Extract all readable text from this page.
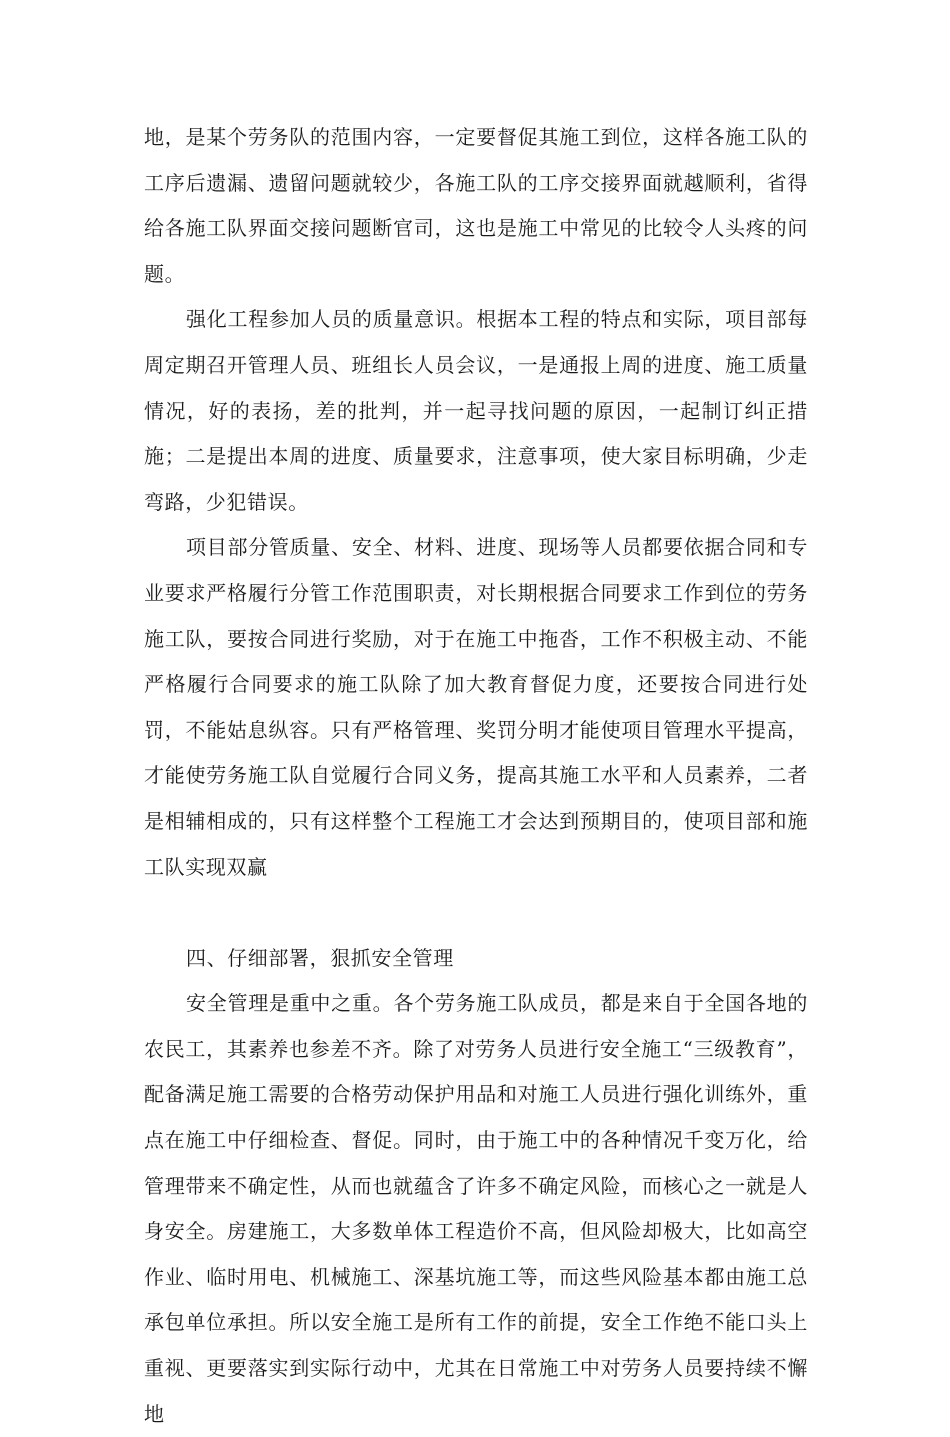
地，是某个劳务队的范围内容，一定要督促其施工到位，这样各施工队的工序后遗漏、遗留问题就较少，各施工队的工序交接界面就越顺利，省得给各施工队界面交接问题断官司，这也是施工中常见的比较令人头疼的问题。

强化工程参加人员的质量意识。根据本工程的特点和实际，项目部每周定期召开管理人员、班组长人员会议，一是通报上周的进度、施工质量情况，好的表扬，差的批判，并一起寻找问题的原因，一起制订纠正措施；二是提出本周的进度、质量要求，注意事项，使大家目标明确，少走弯路，少犯错误。

项目部分管质量、安全、材料、进度、现场等人员都要依据合同和专业要求严格履行分管工作范围职责，对长期根据合同要求工作到位的劳务施工队，要按合同进行奖励，对于在施工中拖沓，工作不积极主动、不能严格履行合同要求的施工队除了加大教育督促力度，还要按合同进行处罚，不能姑息纵容。只有严格管理、奖罚分明才能使项目管理水平提高，才能使劳务施工队自觉履行合同义务，提高其施工水平和人员素养，二者是相辅相成的，只有这样整个工程施工才会达到预期目的，使项目部和施工队实现双赢

四、仔细部署，狠抓安全管理

安全管理是重中之重。各个劳务施工队成员，都是来自于全国各地的农民工，其素养也参差不齐。除了对劳务人员进行安全施工“三级教育”，配备满足施工需要的合格劳动保护用品和对施工人员进行强化训练外，重点在施工中仔细检查、督促。同时，由于施工中的各种情况千变万化，给管理带来不确定性，从而也就蕴含了许多不确定风险，而核心之一就是人身安全。房建施工，大多数单体工程造价不高，但风险却极大，比如高空作业、临时用电、机械施工、深基坑施工等，而这些风险基本都由施工总承包单位承担。所以安全施工是所有工作的前提，安全工作绝不能口头上重视、更要落实到实际行动中，尤其在日常施工中对劳务人员要持续不懈地
